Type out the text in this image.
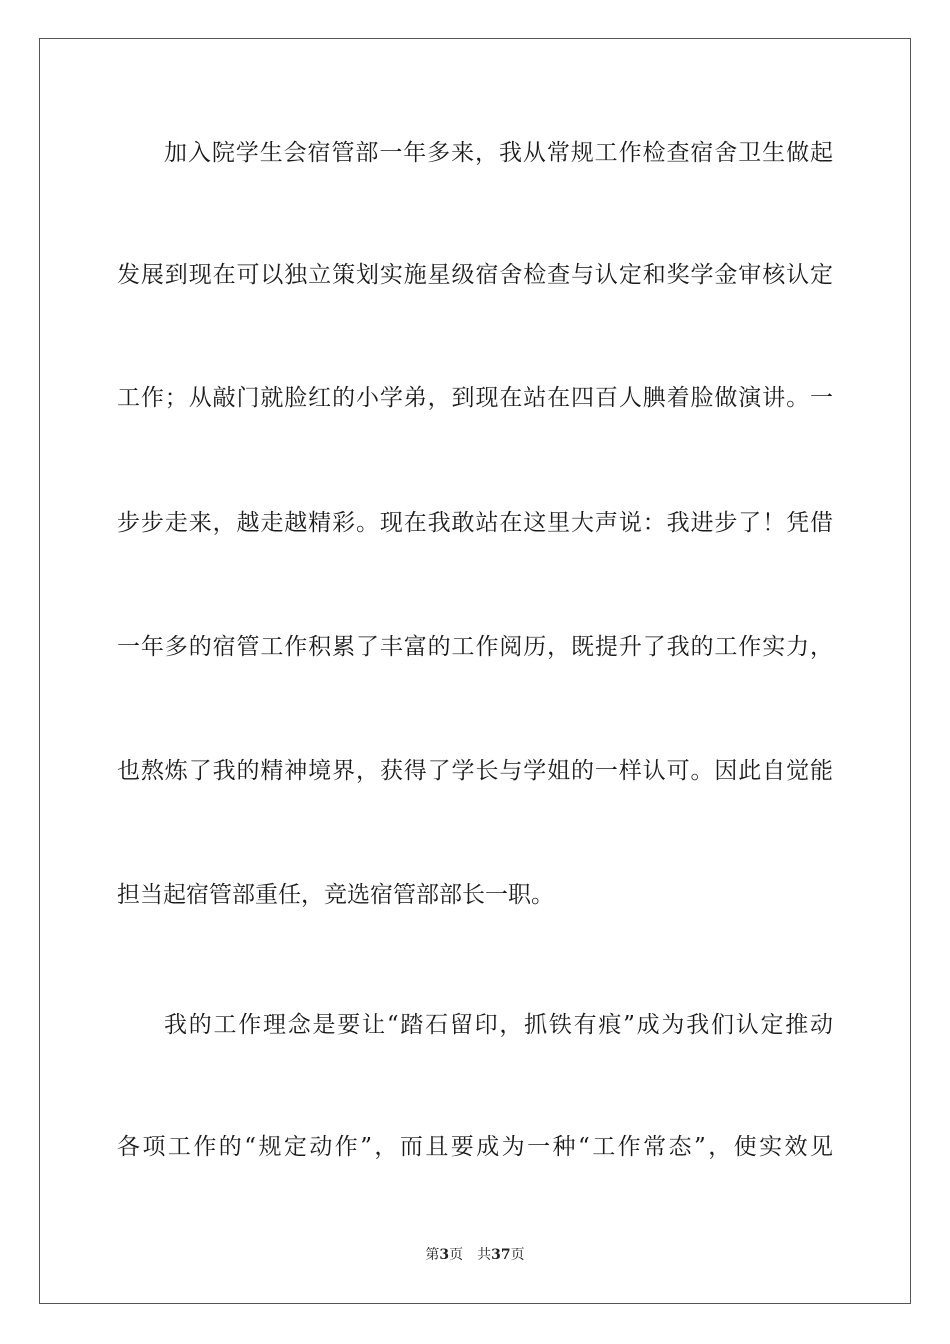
加入院学生会宿管部一年多来，我从常规工作检查宿舍卫生做起
发展到现在可以独立策划实施星级宿舍检查与认定和奖学金审核认定
工作；从敲门就脸红的小学弟，到现在站在四百人腆着脸做演讲。一
步步走来，越走越精彩。现在我敢站在这里大声说：我进步了！凭借
一年多的宿管工作积累了丰富的工作阅历，既提升了我的工作实力，
也熬炼了我的精神境界，获得了学长与学姐的一样认可。因此自觉能
担当起宿管部重任，竞选宿管部部长一职。
我的工作理念是要让“踏石留印，抓铁有痕”成为我们认定推动
各项工作的“规定动作”，而且要成为一种“工作常态”，使实效见
第3页 共37页
